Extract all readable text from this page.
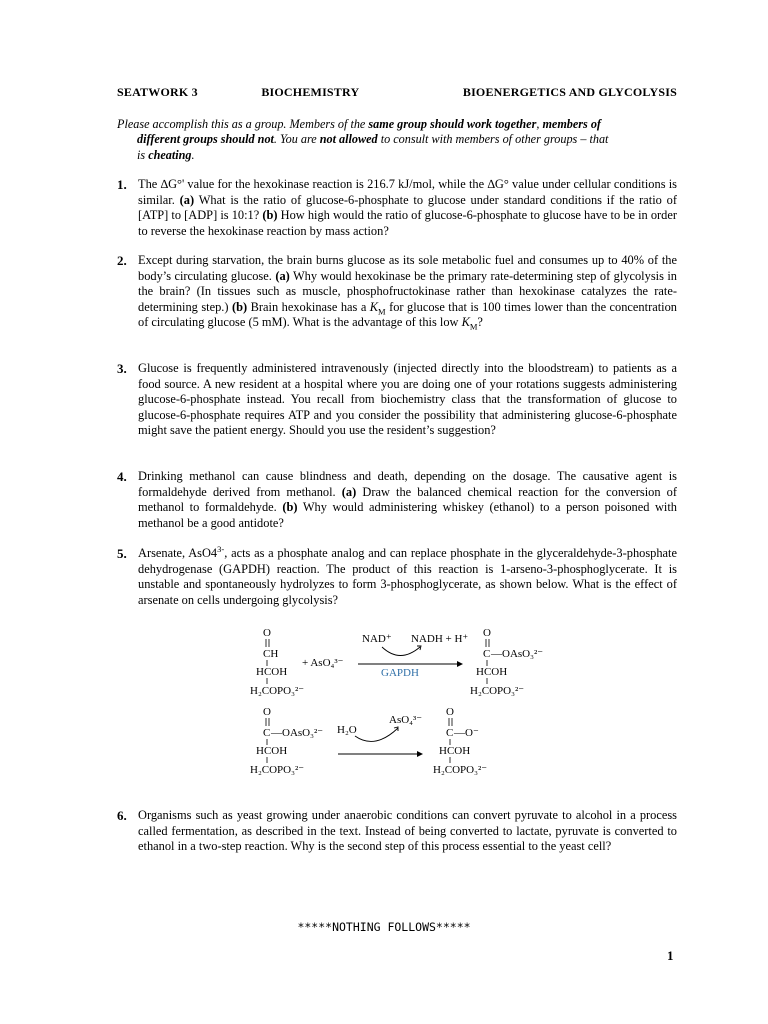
SEATWORK 3	BIOCHEMISTRY	BIOENERGETICS AND GLYCOLYSIS
Please accomplish this as a group. Members of the same group should work together, members of
different groups should not. You are not allowed to consult with members of other groups – that
is cheating.
1. The ∆G°' value for the hexokinase reaction is 216.7 kJ/mol, while the ∆G° value under cellular conditions is similar. (a) What is the ratio of glucose-6-phosphate to glucose under standard conditions if the ratio of [ATP] to [ADP] is 10:1? (b) How high would the ratio of glucose-6-phosphate to glucose have to be in order to reverse the hexokinase reaction by mass action?
2. Except during starvation, the brain burns glucose as its sole metabolic fuel and consumes up to 40% of the body’s circulating glucose. (a) Why would hexokinase be the primary rate-determining step of glycolysis in the brain? (In tissues such as muscle, phosphofructokinase rather than hexokinase catalyzes the rate-determining step.) (b) Brain hexokinase has a $K_M$ for glucose that is 100 times lower than the concentration of circulating glucose (5 mM). What is the advantage of this low $K_M$?
3. Glucose is frequently administered intravenously (injected directly into the bloodstream) to patients as a food source. A new resident at a hospital where you are doing one of your rotations suggests administering glucose-6-phosphate instead. You recall from biochemistry class that the transformation of glucose to glucose-6-phosphate requires ATP and you consider the possibility that administering glucose-6-phosphate might save the patient energy. Should you use the resident’s suggestion?
4. Drinking methanol can cause blindness and death, depending on the dosage. The causative agent is formaldehyde derived from methanol. (a) Draw the balanced chemical reaction for the conversion of methanol to formaldehyde. (b) Why would administering whiskey (ethanol) to a person poisoned with methanol be a good antidote?
5. Arsenate, $AsO4^{3-}$, acts as a phosphate analog and can replace phosphate in the glyceraldehyde-3-phosphate dehydrogenase (GAPDH) reaction. The product of this reaction is 1-arseno-3-phosphoglycerate. It is unstable and spontaneously hydrolyzes to form 3-phosphoglycerate, as shown below. What is the effect of arsenate on cells undergoing glycolysis?
O
CH
HCOH
H₂COPO₃²⁻
+ AsO₄³⁻
NAD⁺ NADH + H⁺
GAPDH
O
C —OAsO₃²⁻
HCOH
H₂COPO₃²⁻
O
C —OAsO₃²⁻
HCOH
H₂COPO₃²⁻
H₂O
AsO₄³⁻
O
C —O⁻
HCOH
H₂COPO₃²⁻
6. Organisms such as yeast growing under anaerobic conditions can convert pyruvate to alcohol in a process called fermentation, as described in the text. Instead of being converted to lactate, pyruvate is converted to ethanol in a two-step reaction. Why is the second step of this process essential to the yeast cell?
*****NOTHING FOLLOWS*****
1
